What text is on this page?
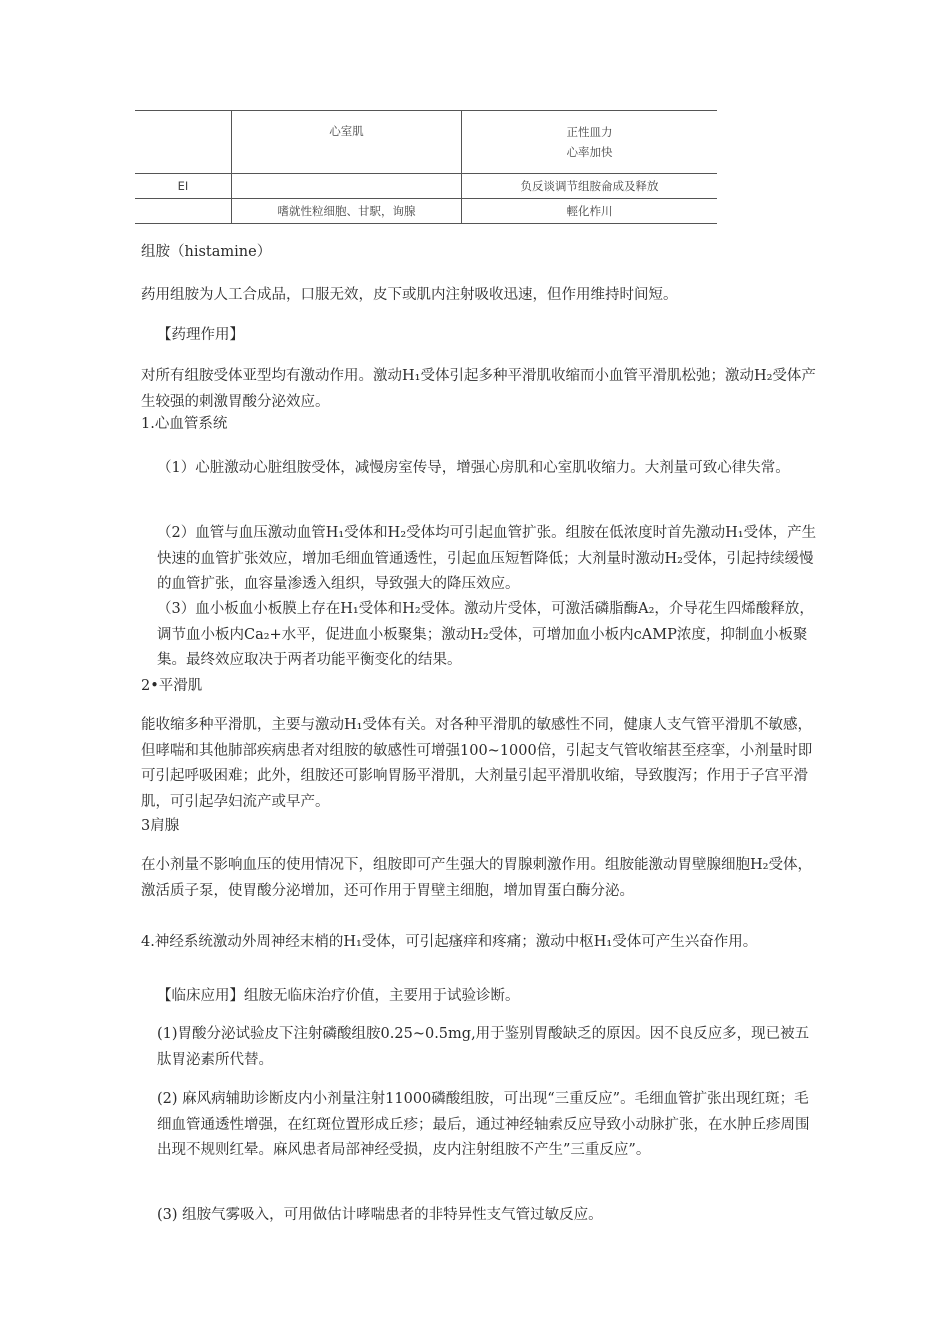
	心室肌	正性皿力
心率加快

EI		负反谈调节组胺侖成及释放
	嗜就性粒细胞、甘駅，询腺	輕化柞川

组胺（histamine）

药用组胺为人工合成品，口服无效，皮下或肌内注射吸收迅速，但作用维持时间短。

【药理作用】

对所有组胺受体亚型均有激动作用。激动H₁受体引起多种平滑肌收缩而小血管平滑肌松弛；激动H₂受体产生较强的刺激胃酸分泌效应。

1.心血管系统

（1）心脏激动心脏组胺受体，减慢房室传导，增强心房肌和心室肌收缩力。大剂量可致心律失常。

（2）血管与血压激动血管H₁受体和H₂受体均可引起血管扩张。组胺在低浓度时首先激动H₁受体，产生快速的血管扩张效应，增加毛细血管通透性，引起血压短暂降低；大剂量时激动H₂受体，引起持续缓慢的血管扩张，血容量渗透入组织，导致强大的降压效应。

（3）血小板血小板膜上存在H₁受体和H₂受体。激动片受体，可激活磷脂酶A₂，介导花生四烯酸释放，调节血小板内Ca₂+水平，促进血小板聚集；激动H₂受体，可增加血小板内cAMP浓度，抑制血小板聚集。最终效应取决于两者功能平衡变化的结果。

2•平滑肌

能收缩多种平滑肌，主要与激动H₁受体有关。对各种平滑肌的敏感性不同，健康人支气管平滑肌不敏感，但哮喘和其他肺部疾病患者对组胺的敏感性可增强100~1000倍，引起支气管收缩甚至痉挛，小剂量时即可引起呼吸困难；此外，组胺还可影响胃肠平滑肌，大剂量引起平滑肌收缩，导致腹泻；作用于子宫平滑肌，可引起孕妇流产或早产。

3肩腺

在小剂量不影响血压的使用情况下，组胺即可产生强大的胃腺刺激作用。组胺能激动胃壁腺细胞H₂受体，激活质子泵，使胃酸分泌增加，还可作用于胃壁主细胞，增加胃蛋白酶分泌。

4.神经系统激动外周神经末梢的H₁受体，可引起瘙痒和疼痛；激动中枢H₁受体可产生兴奋作用。

【临床应用】组胺无临床治疗价值，主要用于试验诊断。

(1)胃酸分泌试验皮下注射磷酸组胺0.25~0.5mg,用于鉴别胃酸缺乏的原因。因不良反应多，现已被五肽胃泌素所代替。

(2) 麻风病辅助诊断皮内小剂量注射11000磷酸组胺，可出现“三重反应”。毛细血管扩张出现红斑；毛细血管通透性增强，在红斑位置形成丘疹；最后，通过神经轴索反应导致小动脉扩张，在水肿丘疹周围出现不规则红晕。麻风患者局部神经受损，皮内注射组胺不产生”三重反应”。

(3) 组胺气雾吸入，可用做估计哮喘患者的非特异性支气管过敏反应。
